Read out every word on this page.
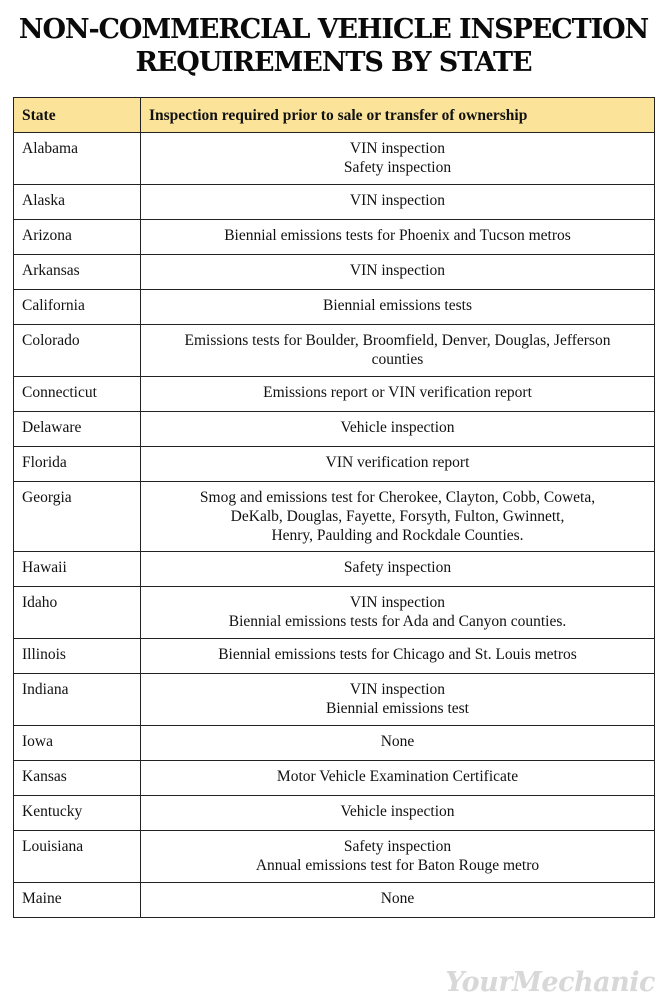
NON-COMMERCIAL VEHICLE INSPECTION
REQUIREMENTS BY STATE
State	Inspection required prior to sale or transfer of ownership
Alabama	VIN inspection
Safety inspection

Alaska	VIN inspection

Arizona	Biennial emissions tests for Phoenix and Tucson metros

Arkansas	VIN inspection

California	Biennial emissions tests

Colorado	Emissions tests for Boulder, Broomfield, Denver, Douglas, Jefferson
counties

Connecticut	Emissions report or VIN verification report

Delaware	Vehicle inspection

Florida	VIN verification report

Georgia	Smog and emissions test for Cherokee, Clayton, Cobb, Coweta,
DeKalb, Douglas, Fayette, Forsyth, Fulton, Gwinnett,
Henry, Paulding and Rockdale Counties.

Hawaii	Safety inspection

Idaho	VIN inspection
Biennial emissions tests for Ada and Canyon counties.

Illinois	Biennial emissions tests for Chicago and St. Louis metros

Indiana	VIN inspection
Biennial emissions test

Iowa	None

Kansas	Motor Vehicle Examination Certificate

Kentucky	Vehicle inspection

Louisiana	Safety inspection
Annual emissions test for Baton Rouge metro

Maine	None
YourMechanic
